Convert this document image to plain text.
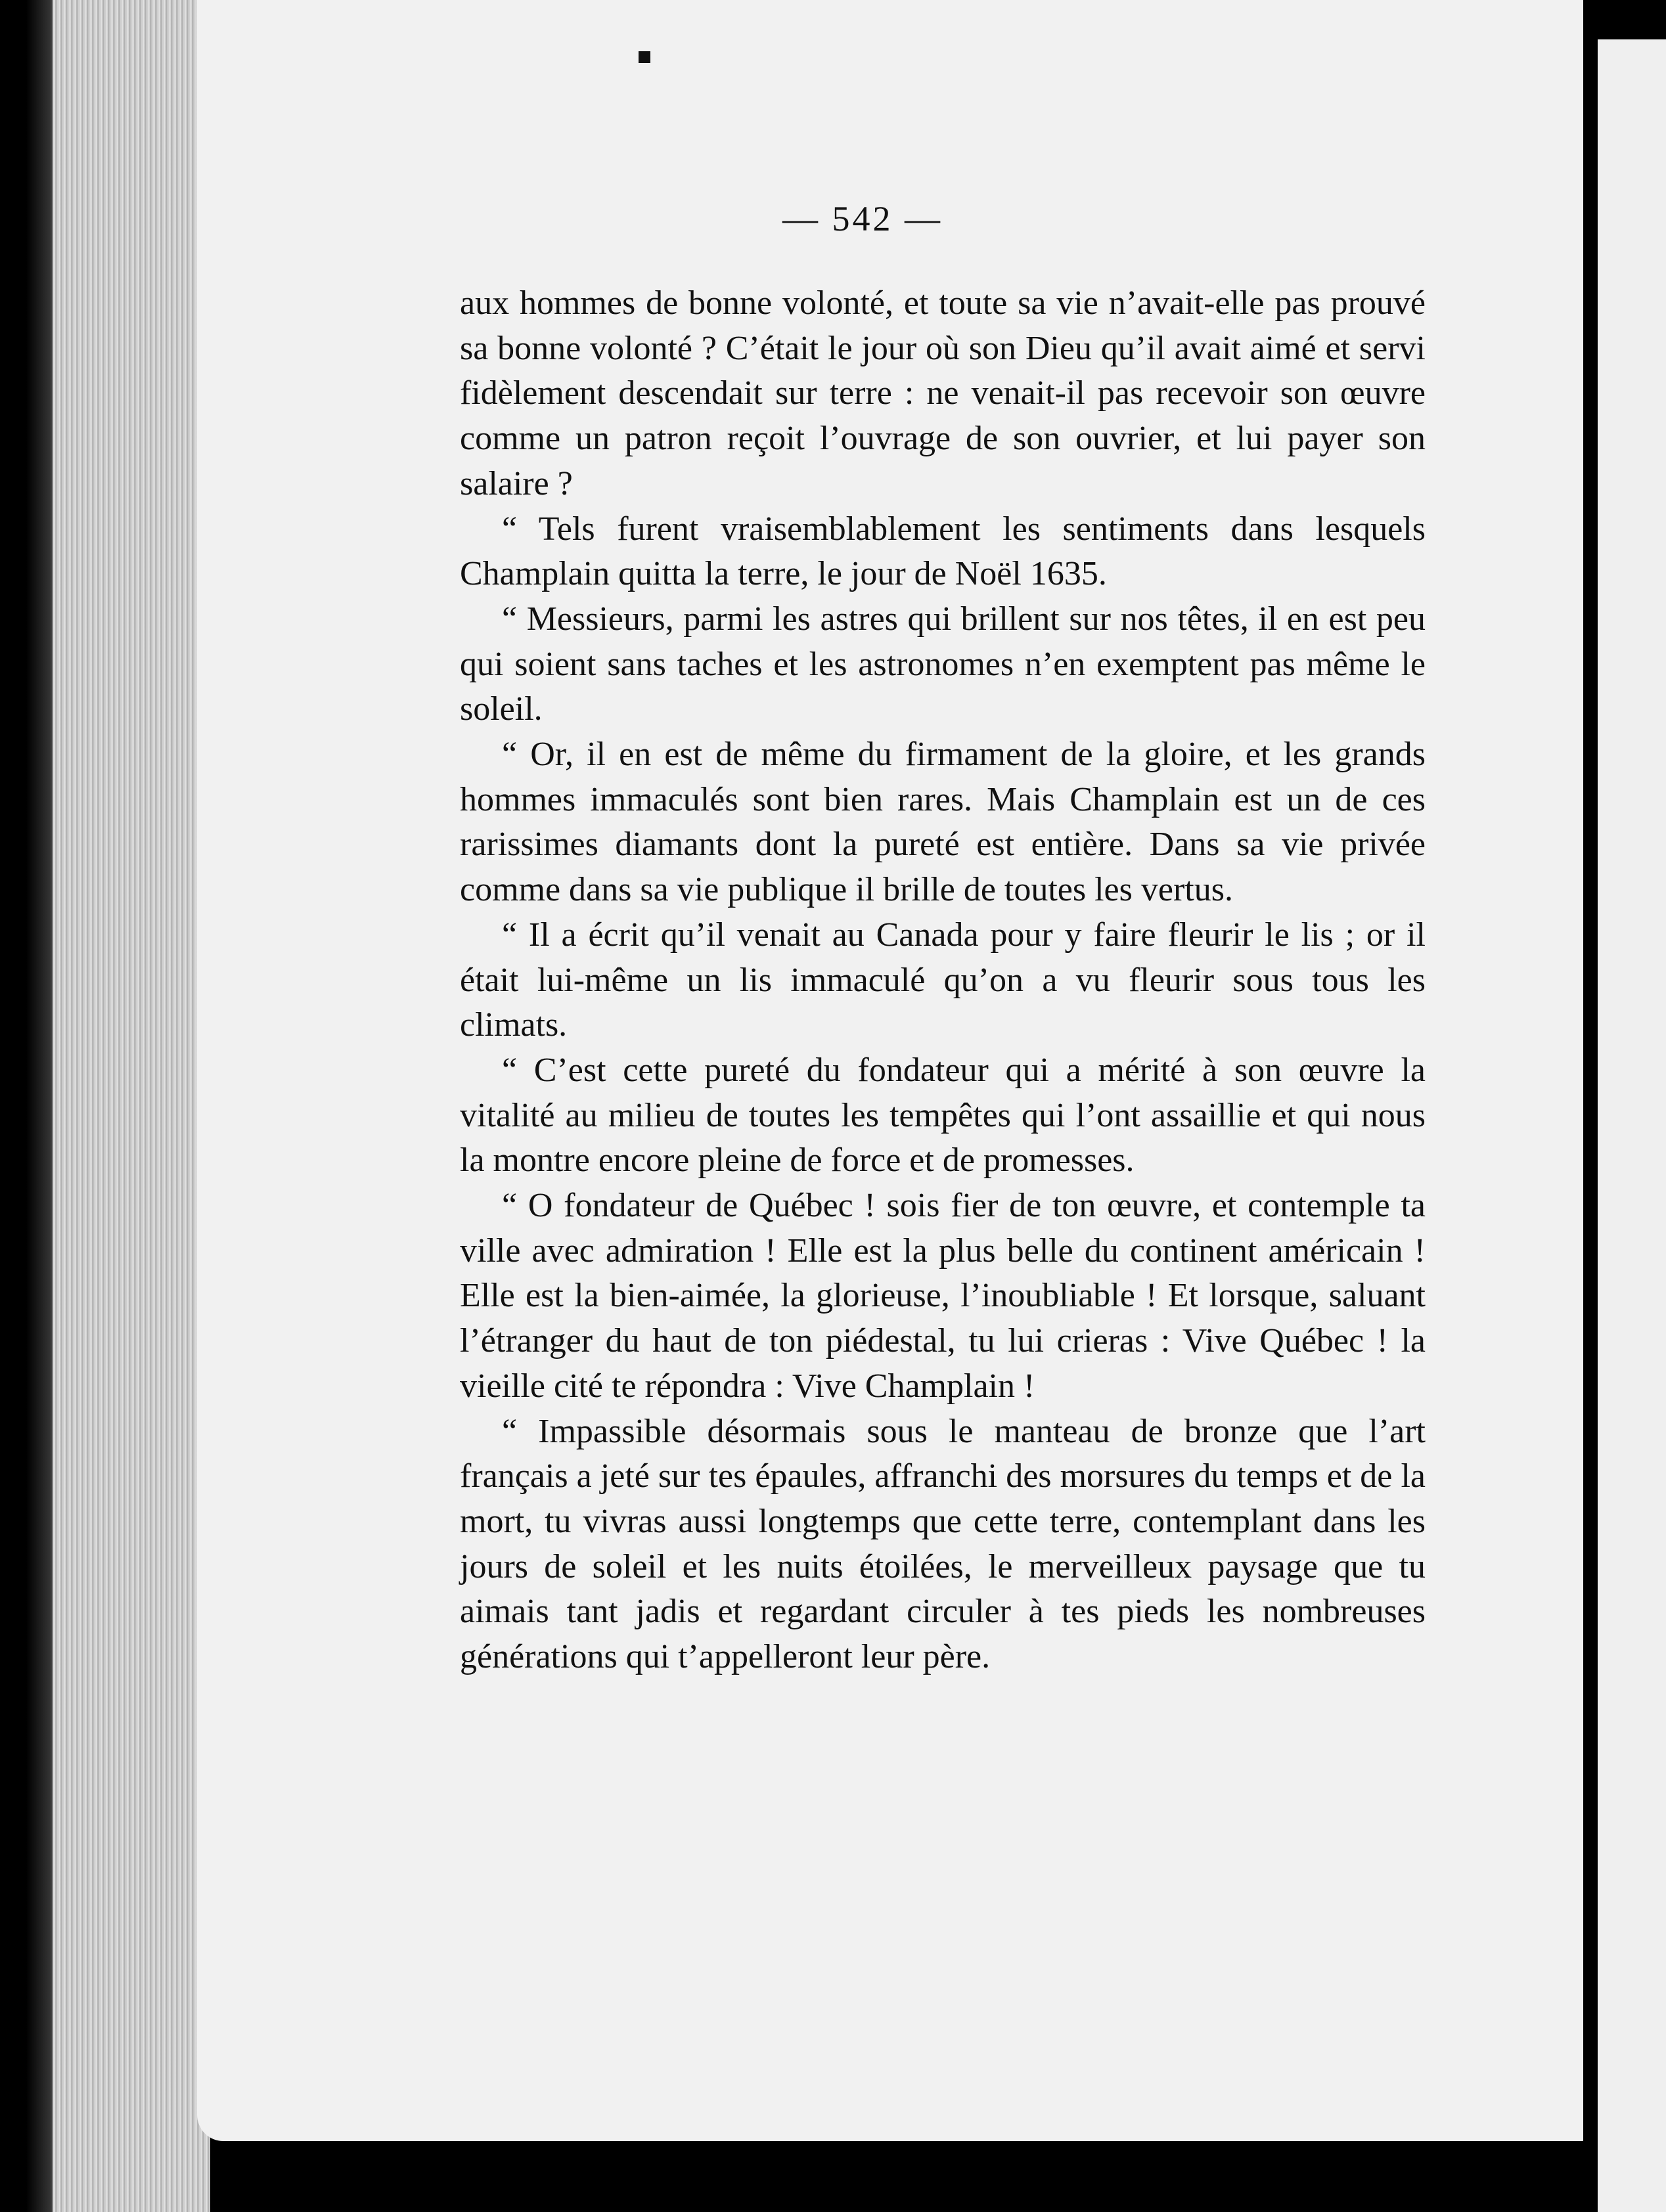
— 542 —

aux hommes de bonne volonté, et toute sa vie n’avait-elle pas prouvé sa bonne volonté ? C’était le jour où son Dieu qu’il avait aimé et servi fidèlement descendait sur terre : ne venait-il pas recevoir son œuvre comme un patron reçoit l’ouvrage de son ouvrier, et lui payer son salaire ?

“ Tels furent vraisemblablement les sentiments dans lesquels Champlain quitta la terre, le jour de Noël 1635.

“ Messieurs, parmi les astres qui brillent sur nos têtes, il en est peu qui soient sans taches et les astronomes n’en exemptent pas même le soleil.

“ Or, il en est de même du firmament de la gloire, et les grands hommes immaculés sont bien rares. Mais Champlain est un de ces rarissimes diamants dont la pureté est entière. Dans sa vie privée comme dans sa vie publique il brille de toutes les vertus.

“ Il a écrit qu’il venait au Canada pour y faire fleurir le lis ; or il était lui-même un lis immaculé qu’on a vu fleurir sous tous les climats.

“ C’est cette pureté du fondateur qui a mérité à son œuvre la vitalité au milieu de toutes les tempêtes qui l’ont assaillie et qui nous la montre encore pleine de force et de promesses.

“ O fondateur de Québec ! sois fier de ton œuvre, et contemple ta ville avec admiration ! Elle est la plus belle du continent américain ! Elle est la bien-aimée, la glorieuse, l’inoubliable ! Et lorsque, saluant l’étranger du haut de ton piédestal, tu lui crieras : Vive Québec ! la vieille cité te répondra : Vive Champlain !

“ Impassible désormais sous le manteau de bronze que l’art français a jeté sur tes épaules, affranchi des morsures du temps et de la mort, tu vivras aussi longtemps que cette terre, contemplant dans les jours de soleil et les nuits étoilées, le merveilleux paysage que tu aimais tant jadis et regardant circuler à tes pieds les nombreuses générations qui t’appelleront leur père.
